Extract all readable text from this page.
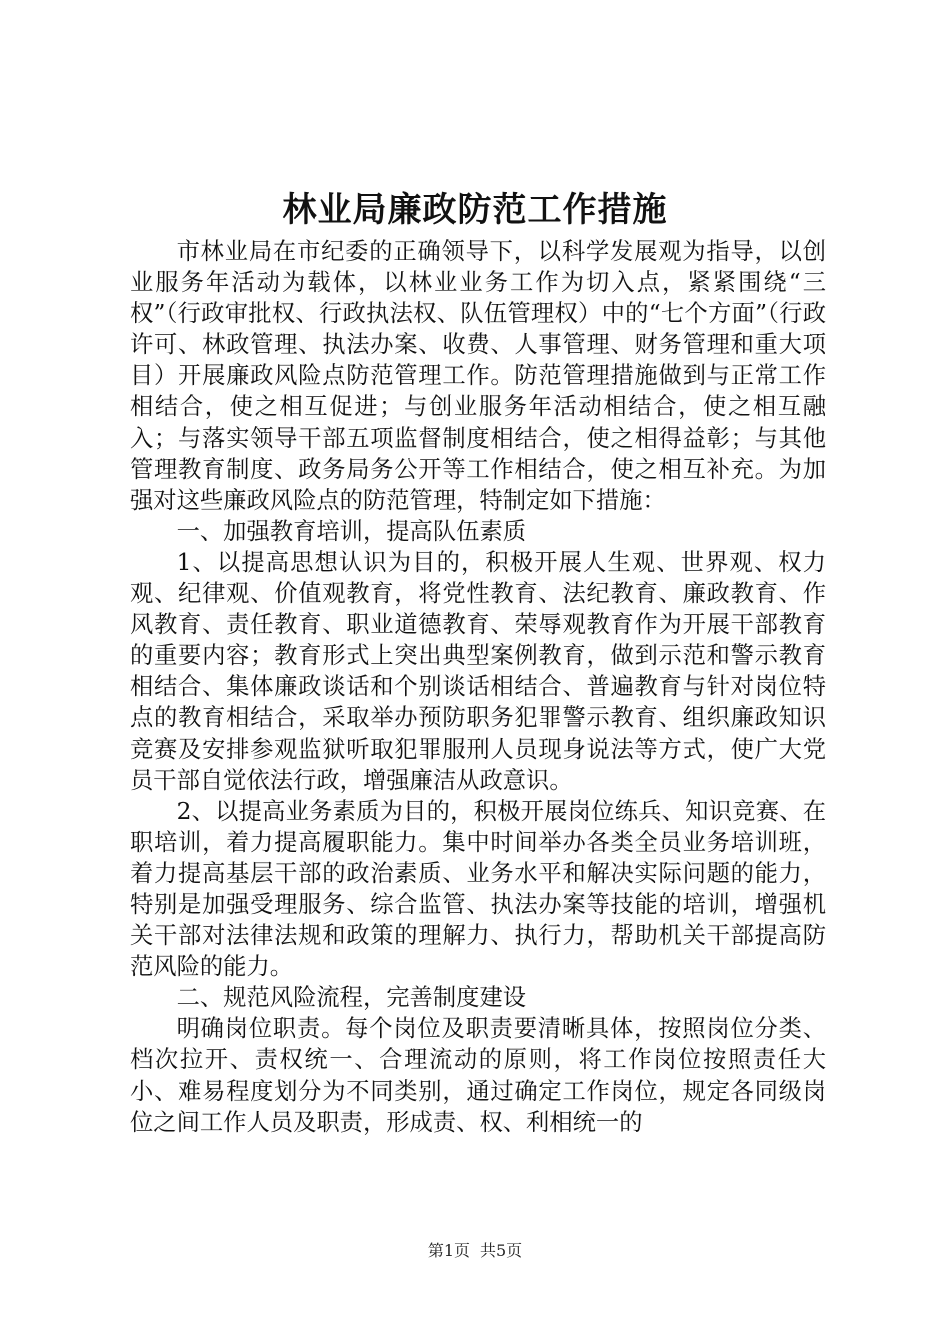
林业局廉政防范工作措施

市林业局在市纪委的正确领导下，以科学发展观为指导，以创业服务年活动为载体，以林业业务工作为切入点，紧紧围绕“三权”（行政审批权、行政执法权、队伍管理权）中的“七个方面”（行政许可、林政管理、执法办案、收费、人事管理、财务管理和重大项目）开展廉政风险点防范管理工作。防范管理措施做到与正常工作相结合，使之相互促进；与创业服务年活动相结合，使之相互融入；与落实领导干部五项监督制度相结合，使之相得益彰；与其他管理教育制度、政务局务公开等工作相结合，使之相互补充。为加强对这些廉政风险点的防范管理，特制定如下措施：

一、加强教育培训，提高队伍素质

1、以提高思想认识为目的，积极开展人生观、世界观、权力观、纪律观、价值观教育，将党性教育、法纪教育、廉政教育、作风教育、责任教育、职业道德教育、荣辱观教育作为开展干部教育的重要内容；教育形式上突出典型案例教育，做到示范和警示教育相结合、集体廉政谈话和个别谈话相结合、普遍教育与针对岗位特点的教育相结合，采取举办预防职务犯罪警示教育、组织廉政知识竞赛及安排参观监狱听取犯罪服刑人员现身说法等方式，使广大党员干部自觉依法行政，增强廉洁从政意识。

2、以提高业务素质为目的，积极开展岗位练兵、知识竞赛、在职培训，着力提高履职能力。集中时间举办各类全员业务培训班，着力提高基层干部的政治素质、业务水平和解决实际问题的能力，特别是加强受理服务、综合监管、执法办案等技能的培训，增强机关干部对法律法规和政策的理解力、执行力，帮助机关干部提高防范风险的能力。

二、规范风险流程，完善制度建设

明确岗位职责。每个岗位及职责要清晰具体，按照岗位分类、档次拉开、责权统一、合理流动的原则，将工作岗位按照责任大小、难易程度划分为不同类别，通过确定工作岗位，规定各同级岗位之间工作人员及职责，形成责、权、利相统一的

第1页 共5页
